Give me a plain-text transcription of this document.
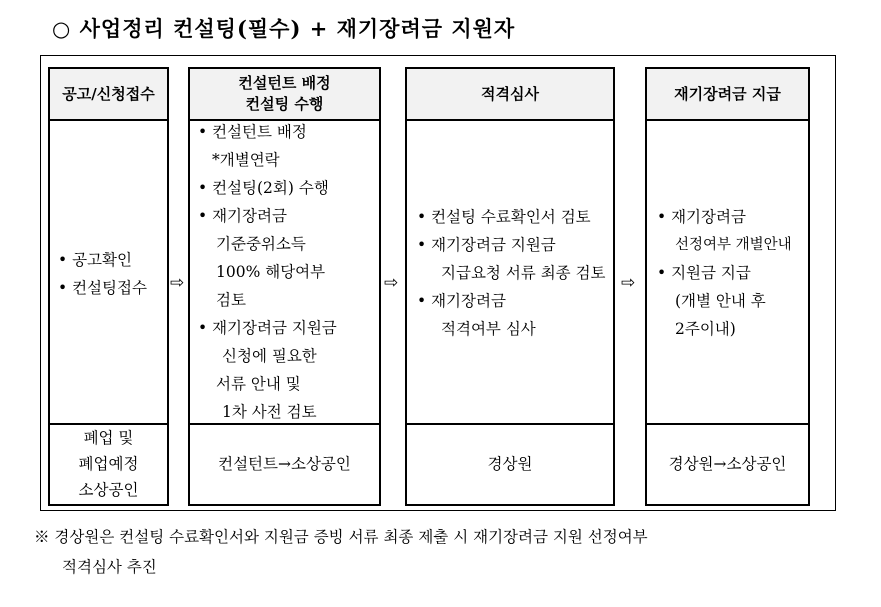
○ 사업정리 컨설팅(필수) + 재기장려금 지원자
공고/신청접수
• 공고확인
• 컨설팅접수
폐업 및
폐업예정
소상공인
⇨
컨설턴트 배정
컨설팅 수행
• 컨설턴트 배정
*개별연락
• 컨설팅(2회) 수행
• 재기장려금
기준중위소득
100% 해당여부
검토
• 재기장려금 지원금
신청에 필요한
서류 안내 및
1차 사전 검토
컨설턴트→소상공인
⇨
적격심사
• 컨설팅 수료확인서 검토
• 재기장려금 지원금
지급요청 서류 최종 검토
• 재기장려금
적격여부 심사
경상원
⇨
재기장려금 지급
• 재기장려금
선정여부 개별안내
• 지원금 지급
(개별 안내 후
2주이내)
경상원→소상공인
※ 경상원은 컨설팅 수료확인서와 지원금 증빙 서류 최종 제출 시 재기장려금 지원 선정여부
적격심사 추진
